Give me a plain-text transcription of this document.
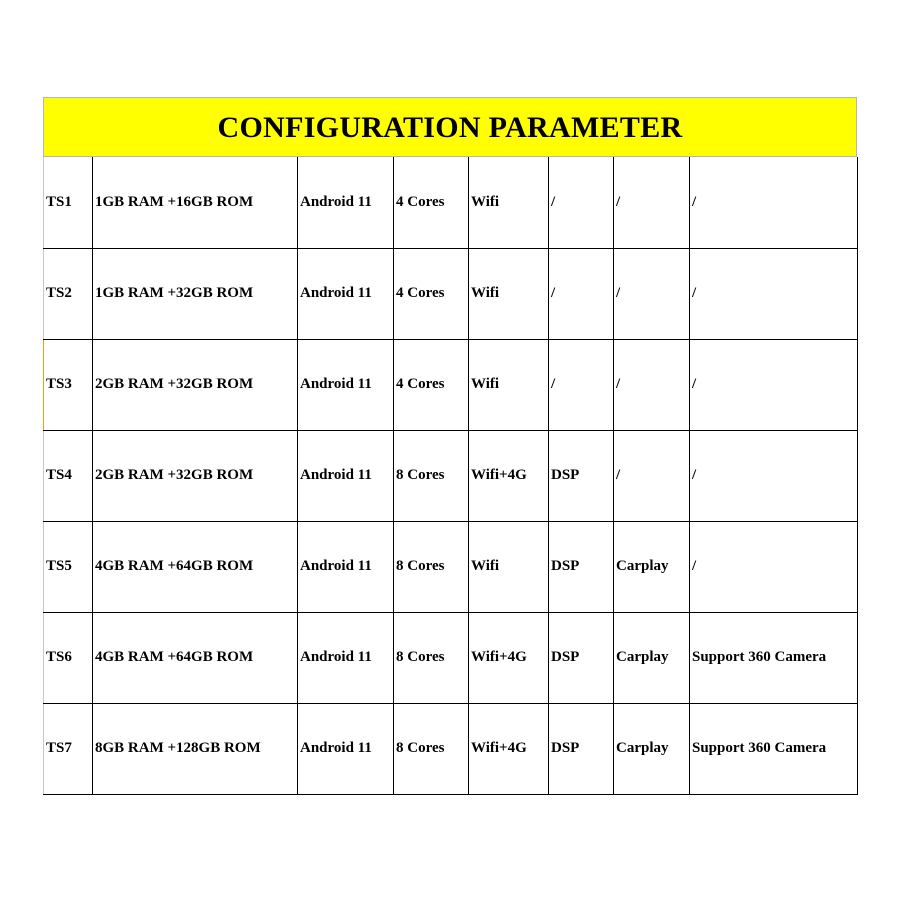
CONFIGURATION PARAMETER
TS1	1GB RAM +16GB ROM	Android 11	4 Cores	Wifi	/	/	/
TS2	1GB RAM +32GB ROM	Android 11	4 Cores	Wifi	/	/	/
TS3	2GB RAM +32GB ROM	Android 11	4 Cores	Wifi	/	/	/
TS4	2GB RAM +32GB ROM	Android 11	8 Cores	Wifi+4G	DSP	/	/
TS5	4GB RAM +64GB ROM	Android 11	8 Cores	Wifi	DSP	Carplay	/
TS6	4GB RAM +64GB ROM	Android 11	8 Cores	Wifi+4G	DSP	Carplay	Support 360 Camera
TS7	8GB RAM +128GB ROM	Android 11	8 Cores	Wifi+4G	DSP	Carplay	Support 360 Camera
